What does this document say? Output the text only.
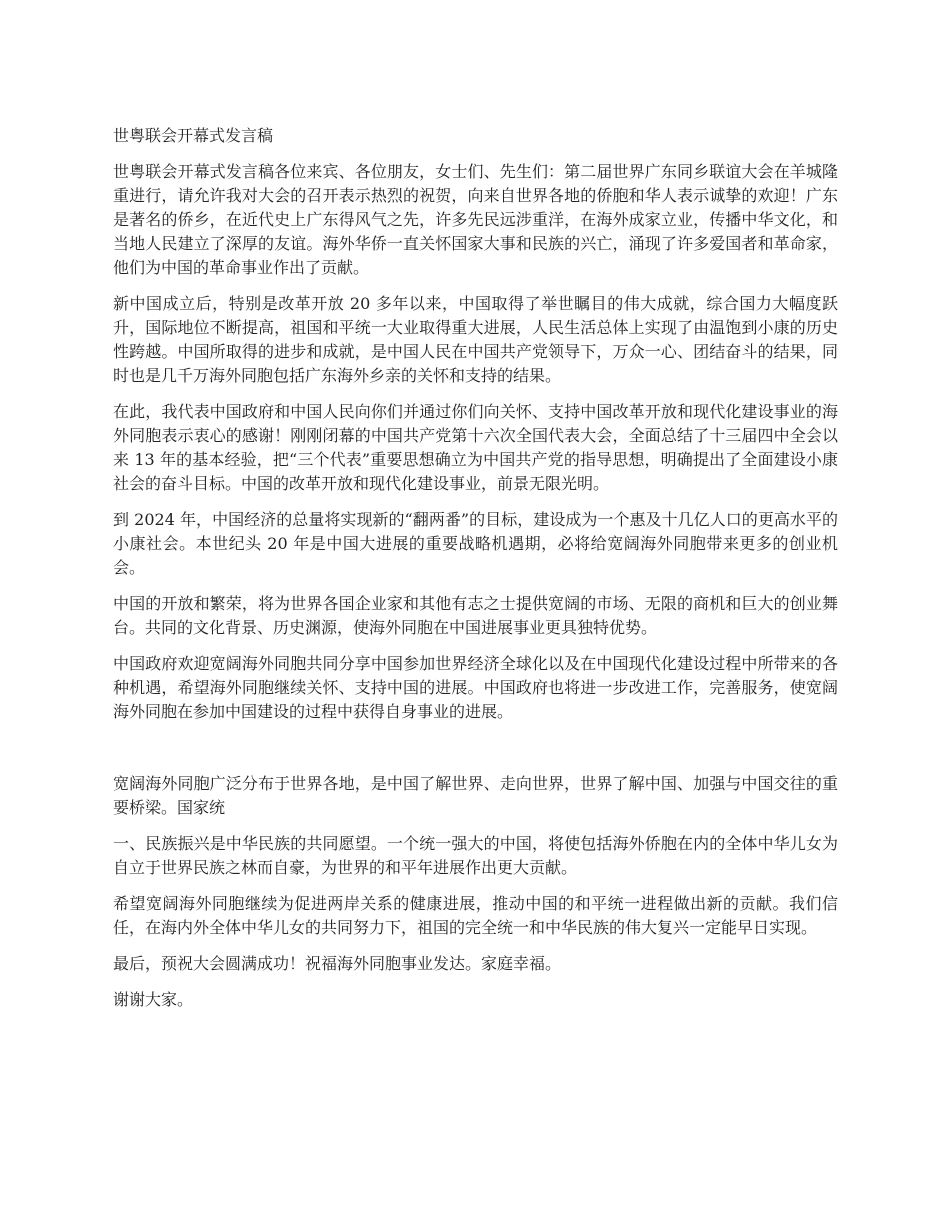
世粤联会开幕式发言稿

世粤联会开幕式发言稿各位来宾、各位朋友，女士们、先生们：第二届世界广东同乡联谊大会在羊城隆重进行，请允许我对大会的召开表示热烈的祝贺，向来自世界各地的侨胞和华人表示诚挚的欢迎！广东是著名的侨乡，在近代史上广东得风气之先，许多先民远涉重洋，在海外成家立业，传播中华文化，和当地人民建立了深厚的友谊。海外华侨一直关怀国家大事和民族的兴亡，涌现了许多爱国者和革命家，他们为中国的革命事业作出了贡献。

新中国成立后，特别是改革开放 20 多年以来，中国取得了举世瞩目的伟大成就，综合国力大幅度跃升，国际地位不断提高，祖国和平统一大业取得重大进展，人民生活总体上实现了由温饱到小康的历史性跨越。中国所取得的进步和成就，是中国人民在中国共产党领导下，万众一心、团结奋斗的结果，同时也是几千万海外同胞包括广东海外乡亲的关怀和支持的结果。

在此，我代表中国政府和中国人民向你们并通过你们向关怀、支持中国改革开放和现代化建设事业的海外同胞表示衷心的感谢！刚刚闭幕的中国共产党第十六次全国代表大会，全面总结了十三届四中全会以来 13 年的基本经验，把“三个代表”重要思想确立为中国共产党的指导思想，明确提出了全面建设小康社会的奋斗目标。中国的改革开放和现代化建设事业，前景无限光明。

到 2024 年，中国经济的总量将实现新的“翻两番”的目标，建设成为一个惠及十几亿人口的更高水平的小康社会。本世纪头 20 年是中国大进展的重要战略机遇期，必将给宽阔海外同胞带来更多的创业机会。

中国的开放和繁荣，将为世界各国企业家和其他有志之士提供宽阔的市场、无限的商机和巨大的创业舞台。共同的文化背景、历史渊源，使海外同胞在中国进展事业更具独特优势。

中国政府欢迎宽阔海外同胞共同分享中国参加世界经济全球化以及在中国现代化建设过程中所带来的各种机遇，希望海外同胞继续关怀、支持中国的进展。中国政府也将进一步改进工作，完善服务，使宽阔海外同胞在参加中国建设的过程中获得自身事业的进展。

宽阔海外同胞广泛分布于世界各地，是中国了解世界、走向世界，世界了解中国、加强与中国交往的重要桥梁。国家统

一、民族振兴是中华民族的共同愿望。一个统一强大的中国，将使包括海外侨胞在内的全体中华儿女为自立于世界民族之林而自豪，为世界的和平年进展作出更大贡献。

希望宽阔海外同胞继续为促进两岸关系的健康进展，推动中国的和平统一进程做出新的贡献。我们信任，在海内外全体中华儿女的共同努力下，祖国的完全统一和中华民族的伟大复兴一定能早日实现。

最后，预祝大会圆满成功！祝福海外同胞事业发达。家庭幸福。

谢谢大家。
